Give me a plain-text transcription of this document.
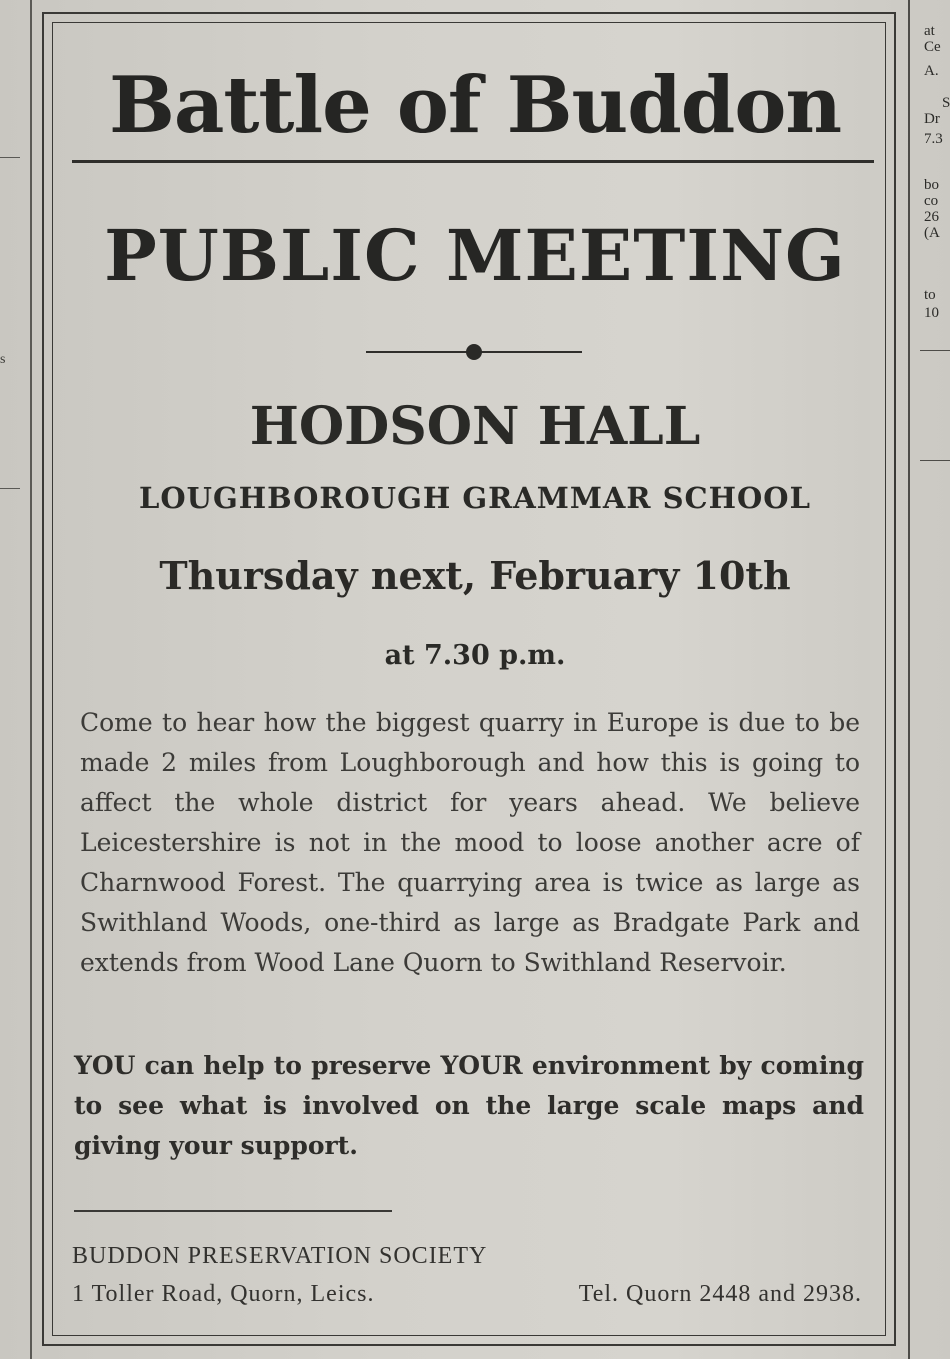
s
at
Ce
A.
S
Dr
7.3
bo
co
26
(A
to
10
Battle of Buddon
PUBLIC MEETING
HODSON HALL
LOUGHBOROUGH GRAMMAR SCHOOL
Thursday next, February 10th
at 7.30 p.m.

Come to hear how the biggest quarry in Europe is due to be made 2 miles from Loughborough and how this is going to affect the whole district for years ahead. We believe Leicestershire is not in the mood to loose another acre of Charnwood Forest. The quarrying area is twice as large as Swithland Woods, one-third as large as Bradgate Park and extends from Wood Lane Quorn to Swithland Reservoir.

YOU can help to preserve YOUR environment by coming to see what is involved on the large scale maps and giving your support.

BUDDON PRESERVATION SOCIETY
1 Toller Road, Quorn, Leics.	Tel. Quorn 2448 and 2938.
